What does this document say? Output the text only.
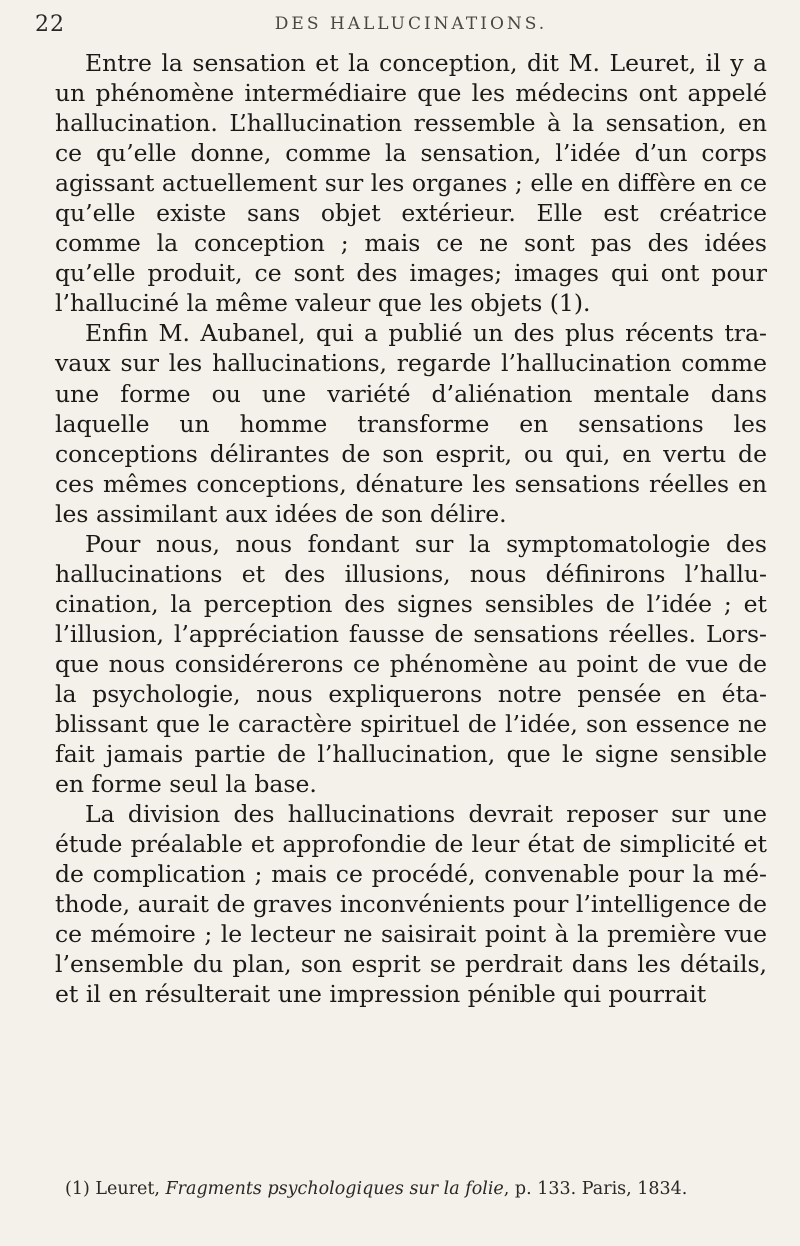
22	DES HALLUCINATIONS.

Entre la sensation et la conception, dit M. Leuret, il y a un phénomène intermédiaire que les médecins ont appelé hallucination. L’hallucination ressemble à la sensation, en ce qu’elle donne, comme la sensation, l’idée d’un corps agissant actuellement sur les organes ; elle en diffère en ce qu’elle existe sans objet extérieur. Elle est créatrice comme la conception ; mais ce ne sont pas des idées qu’elle produit, ce sont des images; images qui ont pour l’halluciné la même valeur que les objets (1).

Enfin M. Aubanel, qui a publié un des plus récents travaux sur les hallucinations, regarde l’hallucination comme une forme ou une variété d’aliénation mentale dans laquelle un homme transforme en sensations les conceptions délirantes de son esprit, ou qui, en vertu de ces mêmes conceptions, dénature les sensations réelles en les assimilant aux idées de son délire.

Pour nous, nous fondant sur la symptomatologie des hallucinations et des illusions, nous définirons l’hallucination, la perception des signes sensibles de l’idée ; et l’illusion, l’appréciation fausse de sensations réelles. Lorsque nous considérerons ce phénomène au point de vue de la psychologie, nous expliquerons notre pensée en établissant que le caractère spirituel de l’idée, son essence ne fait jamais partie de l’hallucination, que le signe sensible en forme seul la base.

La division des hallucinations devrait reposer sur une étude préalable et approfondie de leur état de simplicité et de complication ; mais ce procédé, convenable pour la méthode, aurait de graves inconvénients pour l’intelligence de ce mémoire ; le lecteur ne saisirait point à la première vue l’ensemble du plan, son esprit se perdrait dans les détails, et il en résulterait une impression pénible qui pourrait

(1) Leuret, Fragments psychologiques sur la folie, p. 133. Paris, 1834.
